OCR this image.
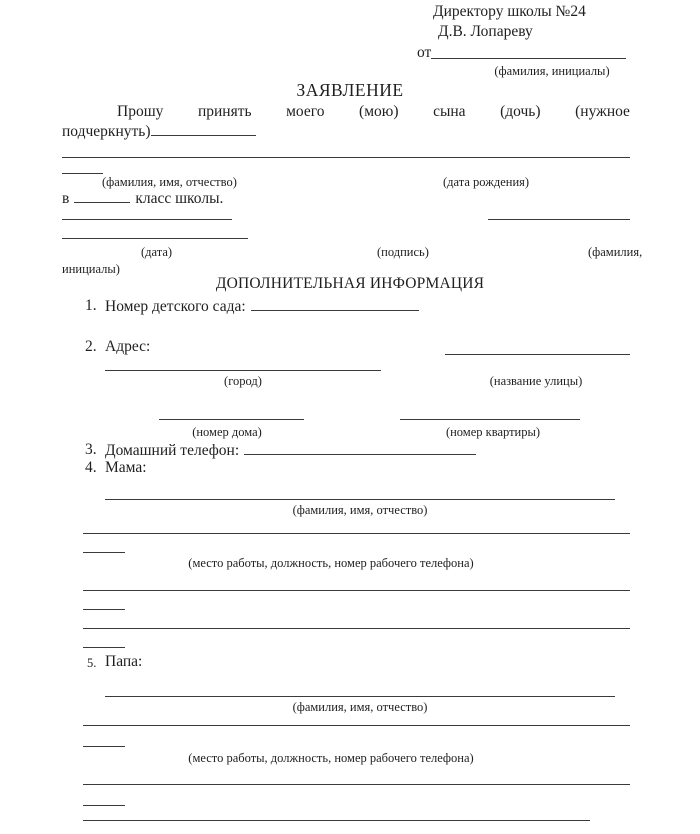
Директору школы №24
Д.В. Лопареву
от
(фамилия, инициалы)
ЗАЯВЛЕНИЕ
Прошу принять моего (мою) сына (дочь) (нужное
подчеркнуть)
(фамилия, имя, отчество)	(дата рождения)
в	класс школы.
(дата)	(подпись)	(фамилия,
инициалы)
ДОПОЛНИТЕЛЬНАЯ ИНФОРМАЦИЯ
1. Номер детского сада:
2. Адрес:
(город)	(название улицы)
(номер дома)	(номер квартиры)
3. Домашний телефон:
4. Мама:
(фамилия, имя, отчество)
(место работы, должность, номер рабочего телефона)
5. Папа:
(фамилия, имя, отчество)
(место работы, должность, номер рабочего телефона)
